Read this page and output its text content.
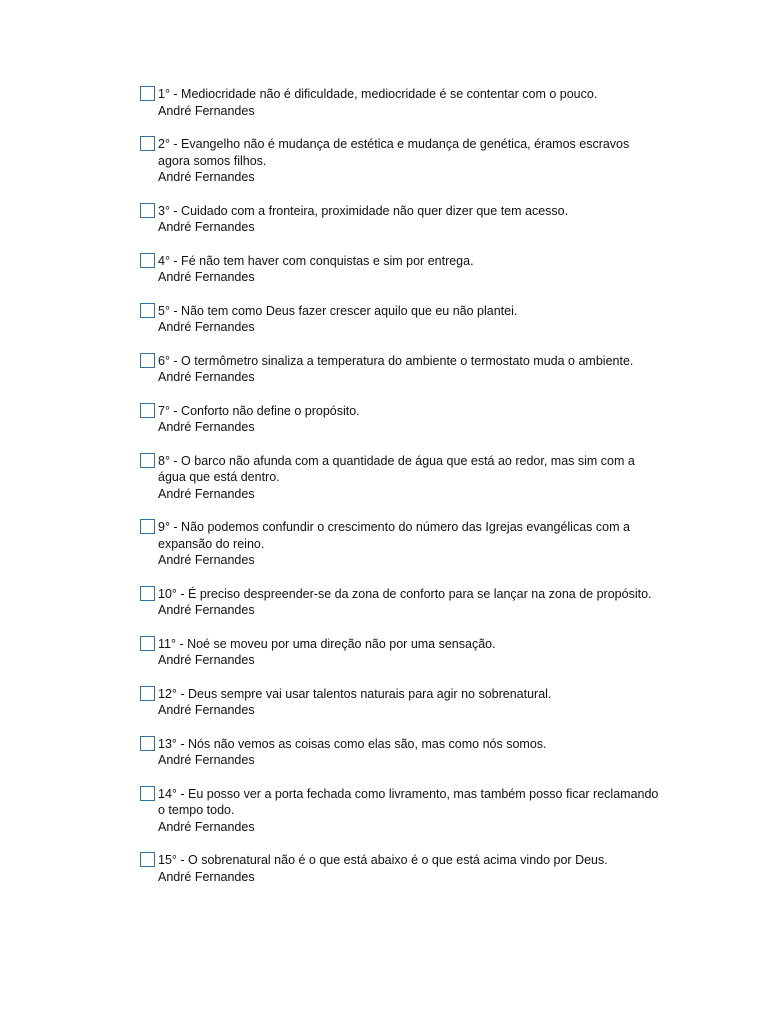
1° - Mediocridade não é dificuldade, mediocridade é se contentar com o pouco.
André Fernandes
2° - Evangelho não é mudança de estética e mudança de genética, éramos escravos agora somos filhos.
André Fernandes
3° - Cuidado com a fronteira, proximidade não quer dizer que tem acesso.
André Fernandes
4° - Fé não tem haver com conquistas e sim por entrega.
André Fernandes
5° - Não tem como Deus fazer crescer aquilo que eu não plantei.
André Fernandes
6° - O termômetro sinaliza a temperatura do ambiente o termostato muda o ambiente.
André Fernandes
7° - Conforto não define o propósito.
André Fernandes
8° - O barco não afunda com a quantidade de água que está ao redor, mas sim com a água que está dentro.
André Fernandes
9° - Não podemos confundir o crescimento do número das Igrejas evangélicas com a expansão do reino.
André Fernandes
10° - É preciso despreender-se da zona de conforto para se lançar na zona de propósito.
André Fernandes
11° - Noé se moveu por uma direção não por uma sensação.
André Fernandes
12° - Deus sempre vai usar talentos naturais para agir no sobrenatural.
André Fernandes
13° - Nós não vemos as coisas como elas são, mas como nós somos.
André Fernandes
14° - Eu posso ver a porta fechada como livramento, mas também posso ficar reclamando o tempo todo.
André Fernandes
15° - O sobrenatural não é o que está abaixo é o que está acima vindo por Deus.
André Fernandes
